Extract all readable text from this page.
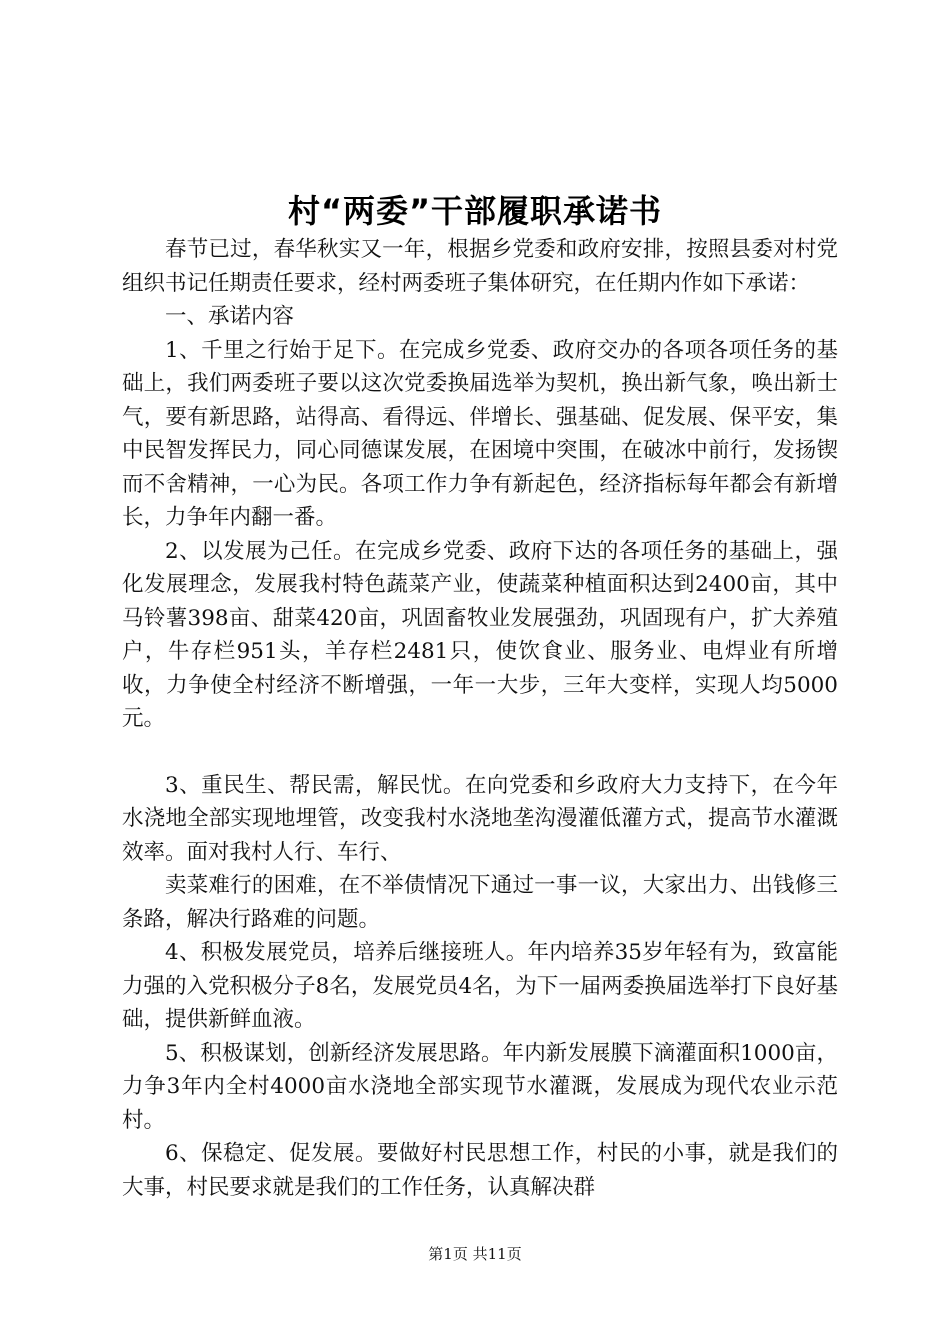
村“两委”干部履职承诺书

春节已过，春华秋实又一年，根据乡党委和政府安排，按照县委对村党组织书记任期责任要求，经村两委班子集体研究，在任期内作如下承诺：

一、承诺内容

1、千里之行始于足下。在完成乡党委、政府交办的各项各项任务的基础上，我们两委班子要以这次党委换届选举为契机，换出新气象，唤出新士气，要有新思路，站得高、看得远、伴增长、强基础、促发展、保平安，集中民智发挥民力，同心同德谋发展，在困境中突围，在破冰中前行，发扬锲而不舍精神，一心为民。各项工作力争有新起色，经济指标每年都会有新增长，力争年内翻一番。

2、以发展为己任。在完成乡党委、政府下达的各项任务的基础上，强化发展理念，发展我村特色蔬菜产业，使蔬菜种植面积达到2400亩，其中马铃薯398亩、甜菜420亩，巩固畜牧业发展强劲，巩固现有户，扩大养殖户，牛存栏951头，羊存栏2481只，使饮食业、服务业、电焊业有所增收，力争使全村经济不断增强，一年一大步，三年大变样，实现人均5000元。

3、重民生、帮民需，解民忧。在向党委和乡政府大力支持下，在今年水浇地全部实现地埋管，改变我村水浇地垄沟漫灌低灌方式，提高节水灌溉效率。面对我村人行、车行、

卖菜难行的困难，在不举债情况下通过一事一议，大家出力、出钱修三条路，解决行路难的问题。

4、积极发展党员，培养后继接班人。年内培养35岁年轻有为，致富能力强的入党积极分子8名，发展党员4名，为下一届两委换届选举打下良好基础，提供新鲜血液。

5、积极谋划，创新经济发展思路。年内新发展膜下滴灌面积1000亩，力争3年内全村4000亩水浇地全部实现节水灌溉，发展成为现代农业示范村。

6、保稳定、促发展。要做好村民思想工作，村民的小事，就是我们的大事，村民要求就是我们的工作任务，认真解决群

第1页 共11页
